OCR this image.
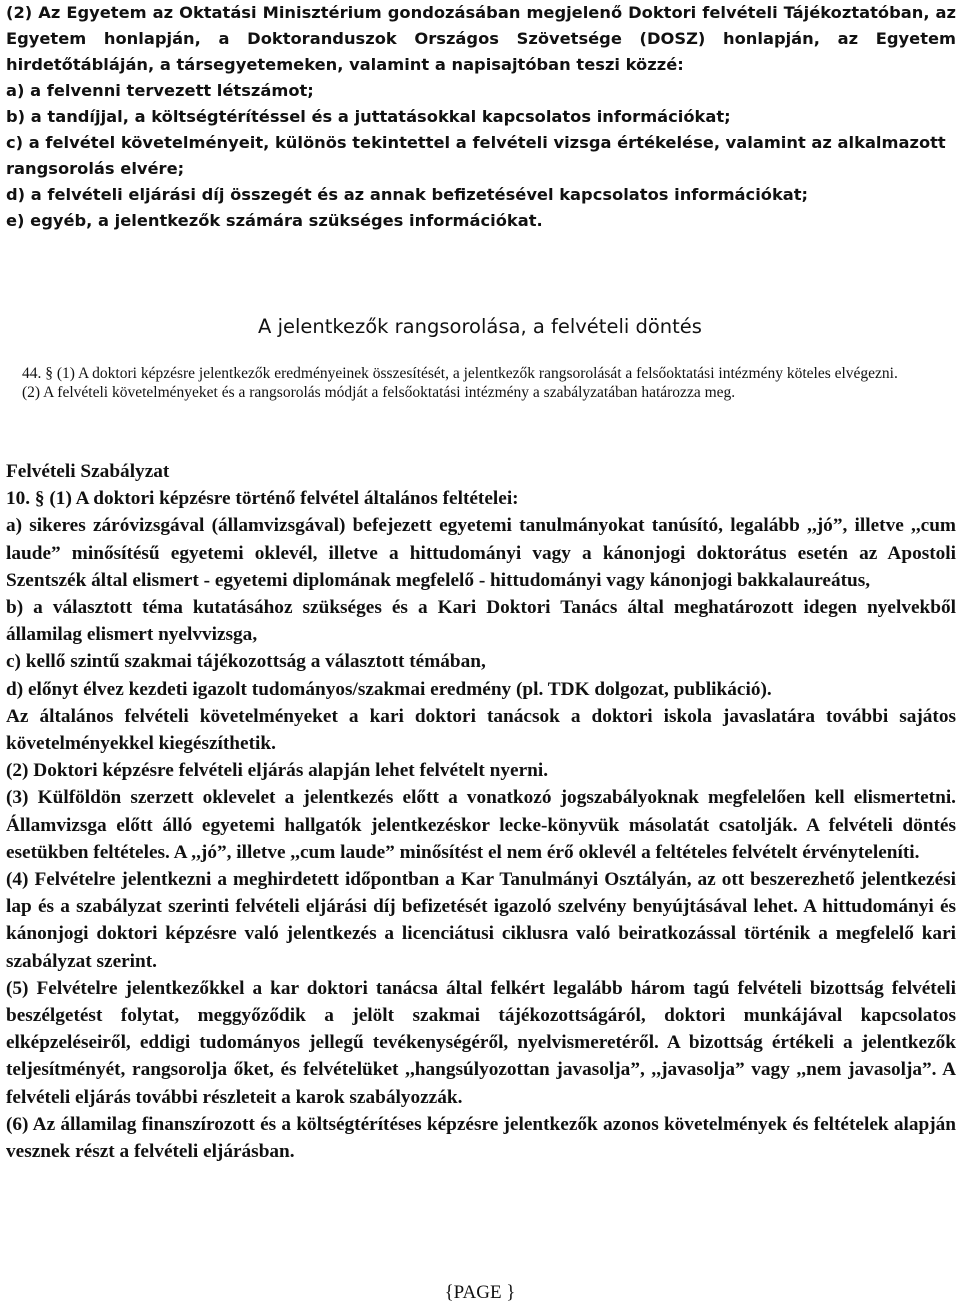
(2) Az Egyetem az Oktatási Minisztérium gondozásában megjelenő Doktori felvételi Tájékoztatóban, az Egyetem honlapján, a Doktoranduszok Országos Szövetsége (DOSZ) honlapján, az Egyetem hirdetőtábláján, a társegyetemeken, valamint a napisajtóban teszi közzé:

a) a felvenni tervezett létszámot;

b) a tandíjjal, a költségtérítéssel és a juttatásokkal kapcsolatos információkat;

c) a felvétel követelményeit, különös tekintettel a felvételi vizsga értékelése, valamint az alkalmazott

rangsorolás elvére;

d) a felvételi eljárási díj összegét és az annak befizetésével kapcsolatos információkat;

e) egyéb, a jelentkezők számára szükséges információkat.

A jelentkezők rangsorolása, a felvételi döntés

44. § (1) A doktori képzésre jelentkezők eredményeinek összesítését, a jelentkezők rangsorolását a felsőoktatási intézmény köteles elvégezni.

(2) A felvételi követelményeket és a rangsorolás módját a felsőoktatási intézmény a szabályzatában határozza meg.

Felvételi Szabályzat

10. § (1) A doktori képzésre történő felvétel általános feltételei:

a) sikeres záróvizsgával (államvizsgával) befejezett egyetemi tanulmányokat tanúsító, legalább ,,jó”, illetve ,,cum laude” minősítésű egyetemi oklevél, illetve a hittudományi vagy a kánonjogi doktorátus esetén az Apostoli Szentszék által elismert - egyetemi diplomának megfelelő - hittudományi vagy kánonjogi bakkalaureátus,

b) a választott téma kutatásához szükséges és a Kari Doktori Tanács által meghatározott idegen nyelvekből államilag elismert nyelvvizsga,

c) kellő szintű szakmai tájékozottság a választott témában,

d) előnyt élvez kezdeti igazolt tudományos/szakmai eredmény (pl. TDK dolgozat, publikáció).

Az általános felvételi követelményeket a kari doktori tanácsok a doktori iskola javaslatára további sajátos követelményekkel kiegészíthetik.

(2) Doktori képzésre felvételi eljárás alapján lehet felvételt nyerni.

(3) Külföldön szerzett oklevelet a jelentkezés előtt a vonatkozó jogszabályoknak megfelelően kell elismertetni. Államvizsga előtt álló egyetemi hallgatók jelentkezéskor lecke-könyvük másolatát csatolják. A felvételi döntés esetükben feltételes. A ,,jó”, illetve ,,cum laude” minősítést el nem érő oklevél a feltételes felvételt érvényteleníti.

(4) Felvételre jelentkezni a meghirdetett időpontban a Kar Tanulmányi Osztályán, az ott beszerezhető jelentkezési lap és a szabályzat szerinti felvételi eljárási díj befizetését igazoló szelvény benyújtásával lehet. A hittudományi és kánonjogi doktori képzésre való jelentkezés a licenciátusi ciklusra való beiratkozással történik a megfelelő kari szabályzat szerint.

(5) Felvételre jelentkezőkkel a kar doktori tanácsa által felkért legalább három tagú felvételi bizottság felvételi beszélgetést folytat, meggyőződik a jelölt szakmai tájékozottságáról, doktori munkájával kapcsolatos elképzeléseiről, eddigi tudományos jellegű tevékenységéről, nyelvismeretéről. A bizottság értékeli a jelentkezők teljesítményét, rangsorolja őket, és felvételüket ,,hangsúlyozottan javasolja”, ,,javasolja” vagy ,,nem javasolja”. A felvételi eljárás további részleteit a karok szabályozzák.

(6) Az államilag finanszírozott és a költségtérítéses képzésre jelentkezők azonos követelmények és feltételek alapján vesznek részt a felvételi eljárásban.

{PAGE }
